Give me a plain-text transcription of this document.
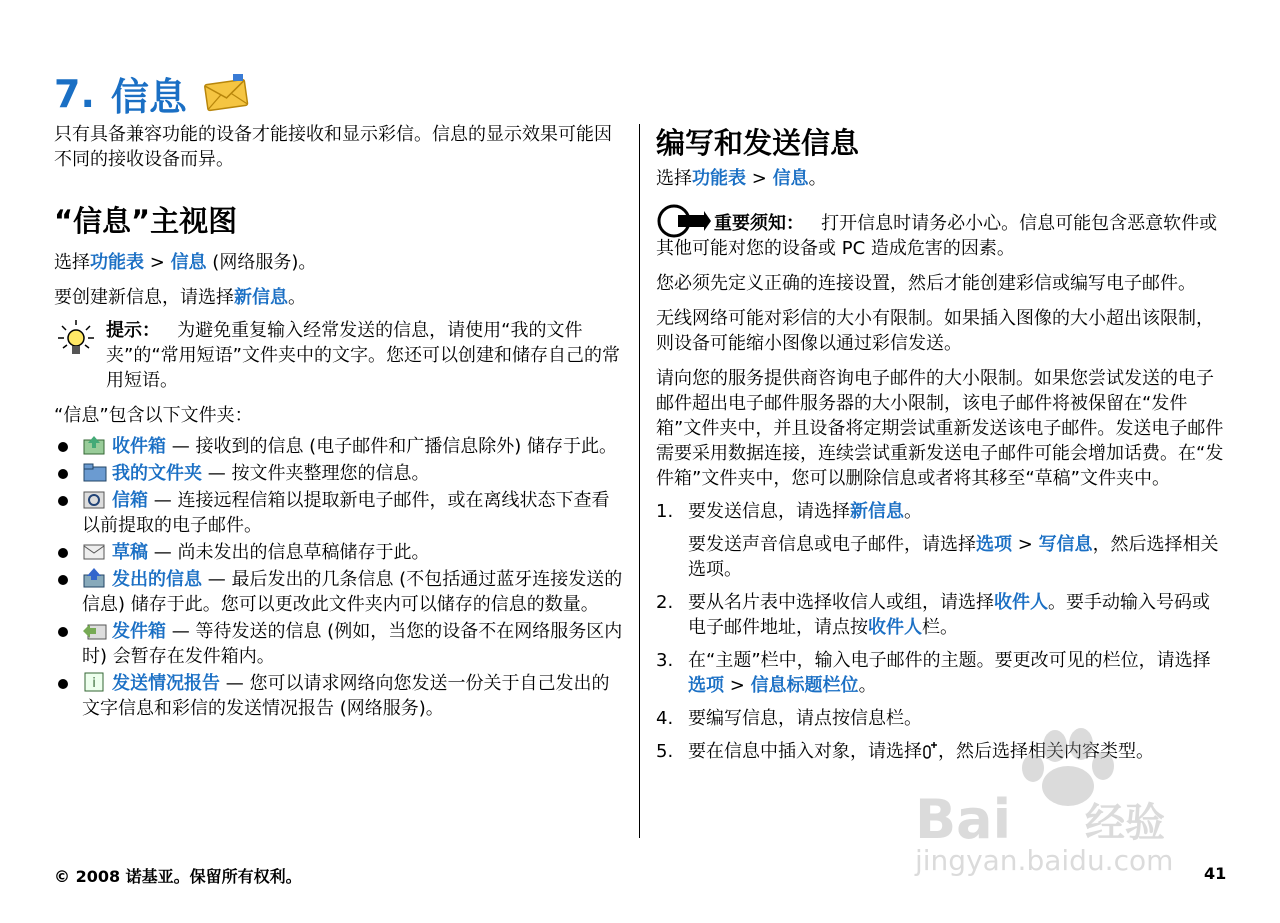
7. 信息

只有具备兼容功能的设备才能接收和显示彩信。信息的显示效果可能因不同的接收设备而异。

“信息”主视图

选择功能表 > 信息 (网络服务)。

要创建新信息，请选择新信息。

提示： 为避免重复输入经常发送的信息，请使用“我的文件夹”的“常用短语”文件夹中的文字。您还可以创建和储存自己的常用短语。

“信息”包含以下文件夹：

收件箱 — 接收到的信息 (电子邮件和广播信息除外) 储存于此。
我的文件夹 — 按文件夹整理您的信息。
信箱 — 连接远程信箱以提取新电子邮件，或在离线状态下查看以前提取的电子邮件。
草稿 — 尚未发出的信息草稿储存于此。
发出的信息 — 最后发出的几条信息 (不包括通过蓝牙连接发送的信息) 储存于此。您可以更改此文件夹内可以储存的信息的数量。
发件箱 — 等待发送的信息 (例如，当您的设备不在网络服务区内时) 会暂存在发件箱内。
i 发送情况报告 — 您可以请求网络向您发送一份关于自己发出的文字信息和彩信的发送情况报告 (网络服务)。
编写和发送信息

选择功能表 > 信息。

重要须知： 打开信息时请务必小心。信息可能包含恶意软件或其他可能对您的设备或 PC 造成危害的因素。

您必须先定义正确的连接设置，然后才能创建彩信或编写电子邮件。

无线网络可能对彩信的大小有限制。如果插入图像的大小超出该限制，则设备可能缩小图像以通过彩信发送。

请向您的服务提供商咨询电子邮件的大小限制。如果您尝试发送的电子邮件超出电子邮件服务器的大小限制，该电子邮件将被保留在“发件箱”文件夹中，并且设备将定期尝试重新发送该电子邮件。发送电子邮件需要采用数据连接，连续尝试重新发送电子邮件可能会增加话费。在“发件箱”文件夹中，您可以删除信息或者将其移至“草稿”文件夹中。

1. 要发送信息，请选择新信息。
要发送声音信息或电子邮件，请选择选项 > 写信息，然后选择相关选项。
2. 要从名片表中选择收信人或组，请选择收件人。要手动输入号码或电子邮件地址，请点按收件人栏。
3. 在“主题”栏中，输入电子邮件的主题。要更改可见的栏位，请选择选项 > 信息标题栏位。
4. 要编写信息，请点按信息栏。
5. 要在信息中插入对象，请选择 ，然后选择相关内容类型。
Bai 经验
jingyan.baidu.com
© 2008 诺基亚。保留所有权利。	41
